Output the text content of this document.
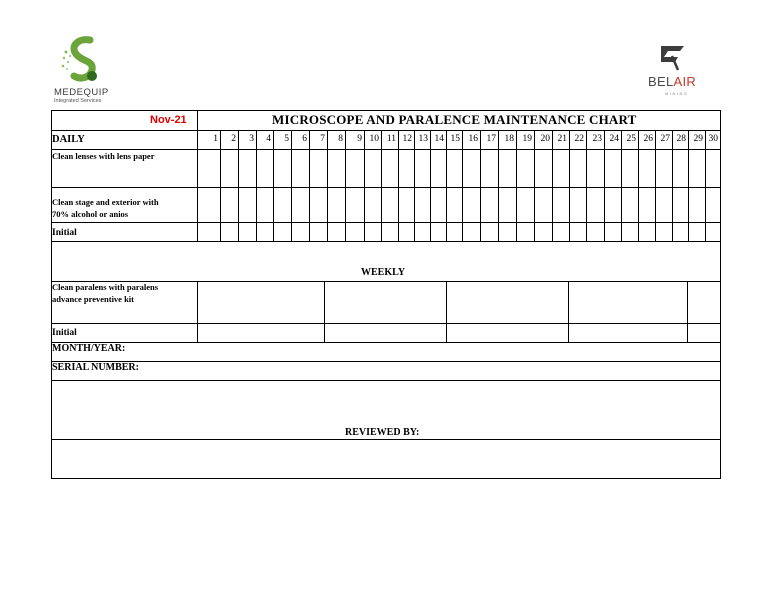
MEDEQUIP
Integrated Services
BELAIR
MINING
Nov-21	MICROSCOPE AND PARALENCE MAINTENANCE CHART
DAILY	1	2	3	4	5	6	7	8	9 10 11 12 13 14 15 16 17 18 19 20 21 22 23 24 25 26 27 28 29 30
Clean lenses with lens paper
Clean stage and exterior with
70% alcohol or anios
Initial
WEEKLY
Clean paralens with paralens
advance preventive kit
Initial
MONTH/YEAR:
SERIAL NUMBER:
REVIEWED BY:
